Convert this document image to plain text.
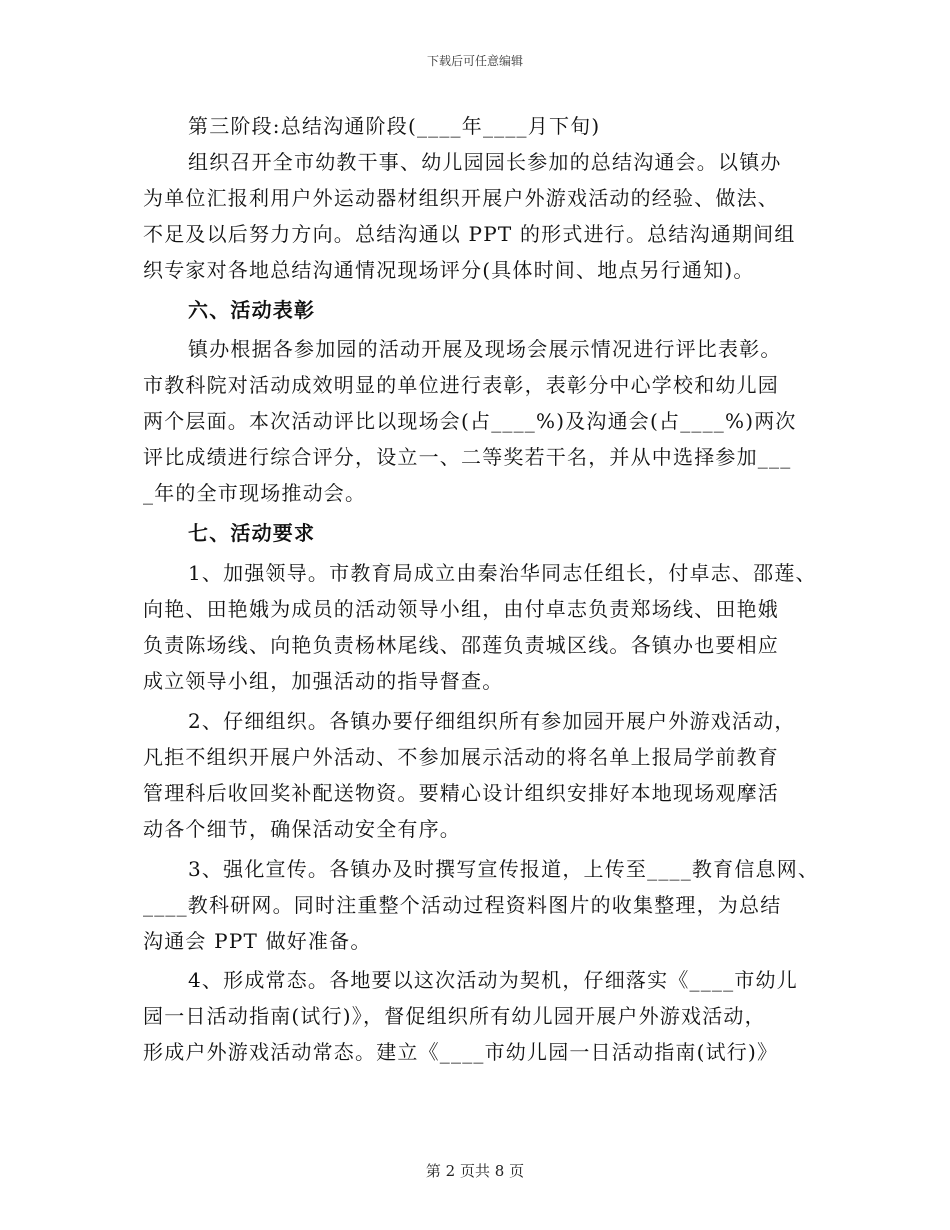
下载后可任意编辑
第三阶段:总结沟通阶段(____年____月下旬)
组织召开全市幼教干事、幼儿园园长参加的总结沟通会。以镇办
为单位汇报利用户外运动器材组织开展户外游戏活动的经验、做法、
不足及以后努力方向。总结沟通以 PPT 的形式进行。总结沟通期间组
织专家对各地总结沟通情况现场评分(具体时间、地点另行通知)。
六、活动表彰
镇办根据各参加园的活动开展及现场会展示情况进行评比表彰。
市教科院对活动成效明显的单位进行表彰，表彰分中心学校和幼儿园
两个层面。本次活动评比以现场会(占____%)及沟通会(占____%)两次
评比成绩进行综合评分，设立一、二等奖若干名，并从中选择参加___
_年的全市现场推动会。
七、活动要求
1、加强领导。市教育局成立由秦治华同志任组长，付卓志、邵莲、
向艳、田艳娥为成员的活动领导小组，由付卓志负责郑场线、田艳娥
负责陈场线、向艳负责杨林尾线、邵莲负责城区线。各镇办也要相应
成立领导小组，加强活动的指导督查。
2、仔细组织。各镇办要仔细组织所有参加园开展户外游戏活动，
凡拒不组织开展户外活动、不参加展示活动的将名单上报局学前教育
管理科后收回奖补配送物资。要精心设计组织安排好本地现场观摩活
动各个细节，确保活动安全有序。
3、强化宣传。各镇办及时撰写宣传报道，上传至____教育信息网、
____教科研网。同时注重整个活动过程资料图片的收集整理，为总结
沟通会 PPT 做好准备。
4、形成常态。各地要以这次活动为契机，仔细落实《____市幼儿
园一日活动指南(试行)》，督促组织所有幼儿园开展户外游戏活动，
形成户外游戏活动常态。建立《____市幼儿园一日活动指南(试行)》
第 2 页共 8 页
